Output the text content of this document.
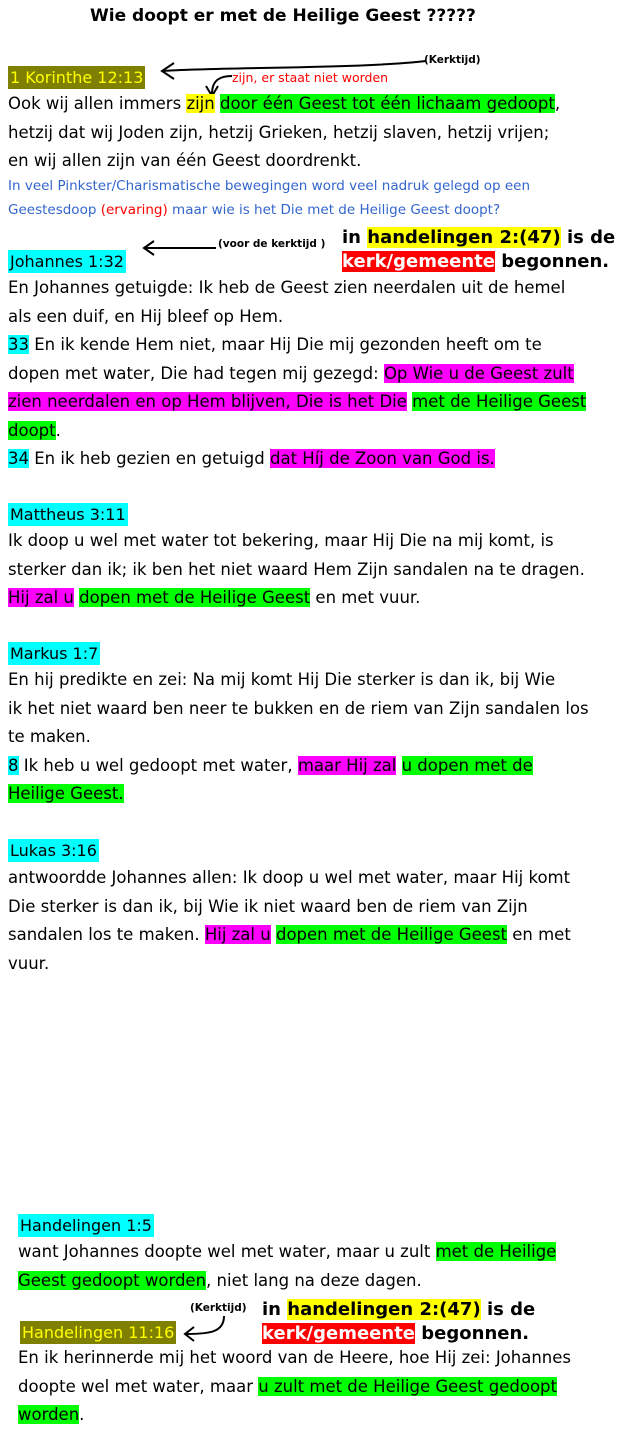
Wie doopt er met de Heilige Geest ?????
1 Korinthe 12:13
(Kerktijd)
zijn, er staat niet worden

Ook wij allen immers zijn door één Geest tot één lichaam gedoopt,

hetzij dat wij Joden zijn, hetzij Grieken, hetzij slaven, hetzij vrijen;

en wij allen zijn van één Geest doordrenkt.

In veel Pinkster/Charismatische bewegingen word veel nadruk gelegd op een
Geestesdoop (ervaring) maar wie is het Die met de Heilige Geest doopt?
Johannes 1:32
(voor de kerktijd ) in handelingen 2:(47) is de
kerk/gemeente begonnen.

En Johannes getuigde: Ik heb de Geest zien neerdalen uit de hemel

als een duif, en Hij bleef op Hem.

33 En ik kende Hem niet, maar Hij Die mij gezonden heeft om te

dopen met water, Die had tegen mij gezegd: Op Wie u de Geest zult

zien neerdalen en op Hem blijven, Die is het Die met de Heilige Geest

doopt.

34 En ik heb gezien en getuigd dat Híj de Zoon van God is.

Mattheus 3:11

Ik doop u wel met water tot bekering, maar Hij Die na mij komt, is

sterker dan ik; ik ben het niet waard Hem Zijn sandalen na te dragen.

Hij zal u dopen met de Heilige Geest en met vuur.

Markus 1:7

En hij predikte en zei: Na mij komt Hij Die sterker is dan ik, bij Wie

ik het niet waard ben neer te bukken en de riem van Zijn sandalen los

te maken.

8 Ik heb u wel gedoopt met water, maar Hij zal u dopen met de

Heilige Geest.

Lukas 3:16

antwoordde Johannes allen: Ik doop u wel met water, maar Hij komt

Die sterker is dan ik, bij Wie ik niet waard ben de riem van Zijn

sandalen los te maken. Hij zal u dopen met de Heilige Geest en met

vuur.

Handelingen 1:5

want Johannes doopte wel met water, maar u zult met de Heilige

Geest gedoopt worden, niet lang na deze dagen.

(Kerktijd) in handelingen 2:(47) is de
kerk/gemeente begonnen.
Handelingen 11:16

En ik herinnerde mij het woord van de Heere, hoe Hij zei: Johannes

doopte wel met water, maar u zult met de Heilige Geest gedoopt

worden.
